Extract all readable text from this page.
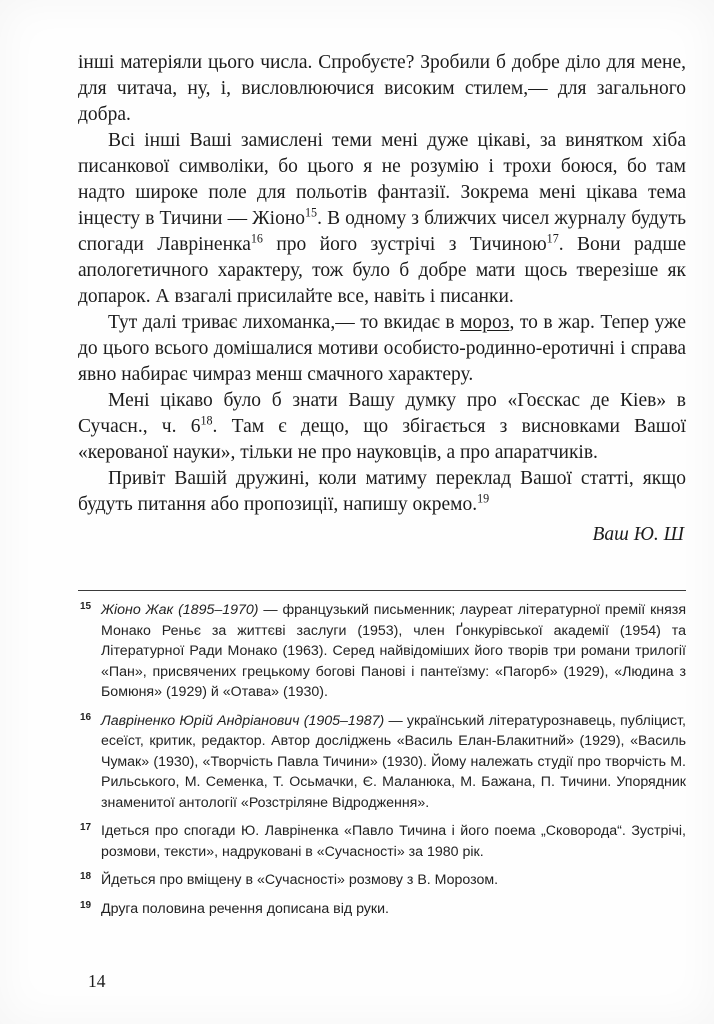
інші матеріяли цього числа. Спробуєте? Зробили б добре діло для мене, для читача, ну, і, висловлюючися високим стилем,— для загального добра.

Всі інші Ваші замислені теми мені дуже цікаві, за винятком хіба писанкової символіки, бо цього я не розумію і трохи боюся, бо там надто широке поле для польотів фантазії. Зокрема мені цікава тема інцесту в Тичини — Жіоно$^{15}$. В одному з ближчих чисел журналу будуть спогади Лавріненка$^{16}$ про його зустрічі з Тичиною$^{17}$. Вони радше апологетичного характеру, тож було б добре мати щось тверезіше як допарок. А взагалі присилайте все, навіть і писанки.

Тут далі триває лихоманка,— то вкидає в мороз, то в жар. Тепер уже до цього всього домішалися мотиви особисто-родинно-еротичні і справа явно набирає чимраз менш смачного характеру.

Мені цікаво було б знати Вашу думку про «Гоєскас де Кіев» в Сучасн., ч. $6^{18}$. Там є дещо, що збігається з висновками Вашої «керованої науки», тільки не про науковців, а про апаратчиків.

Привіт Вашій дружині, коли матиму переклад Вашої статті, якщо будуть питання або пропозиції, напишу окремо.$^{19}$

Ваш Ю. Ш
15 Жіоно Жак (1895–1970) — французький письменник; лауреат літературної премії князя Монако Реньє за життєві заслуги (1953), член Ґонкурівської академії (1954) та Літературної Ради Монако (1963). Серед найвідоміших його творів три романи трилогії «Пан», присвячених грецькому богові Панові і пантеїзму: «Пагорб» (1929), «Людина з Бомюня» (1929) й «Отава» (1930).
16 Лавріненко Юрій Андріанович (1905–1987) — український літературознавець, публіцист, есеїст, критик, редактор. Автор досліджень «Василь Елан-Блакитний» (1929), «Василь Чумак» (1930), «Творчість Павла Тичини» (1930). Йому належать студії про творчість М. Рильського, М. Семенка, Т. Осьмачки, Є. Маланюка, М. Бажана, П. Тичини. Упорядник знаменитої антології «Розстріляне Відродження».
17 Ідеться про спогади Ю. Лавріненка «Павло Тичина і його поема „Сковорода“. Зустрічі, розмови, тексти», надруковані в «Сучасності» за 1980 рік.
18 Йдеться про вміщену в «Сучасності» розмову з В. Морозом.
19 Друга половина речення дописана від руки.
14
